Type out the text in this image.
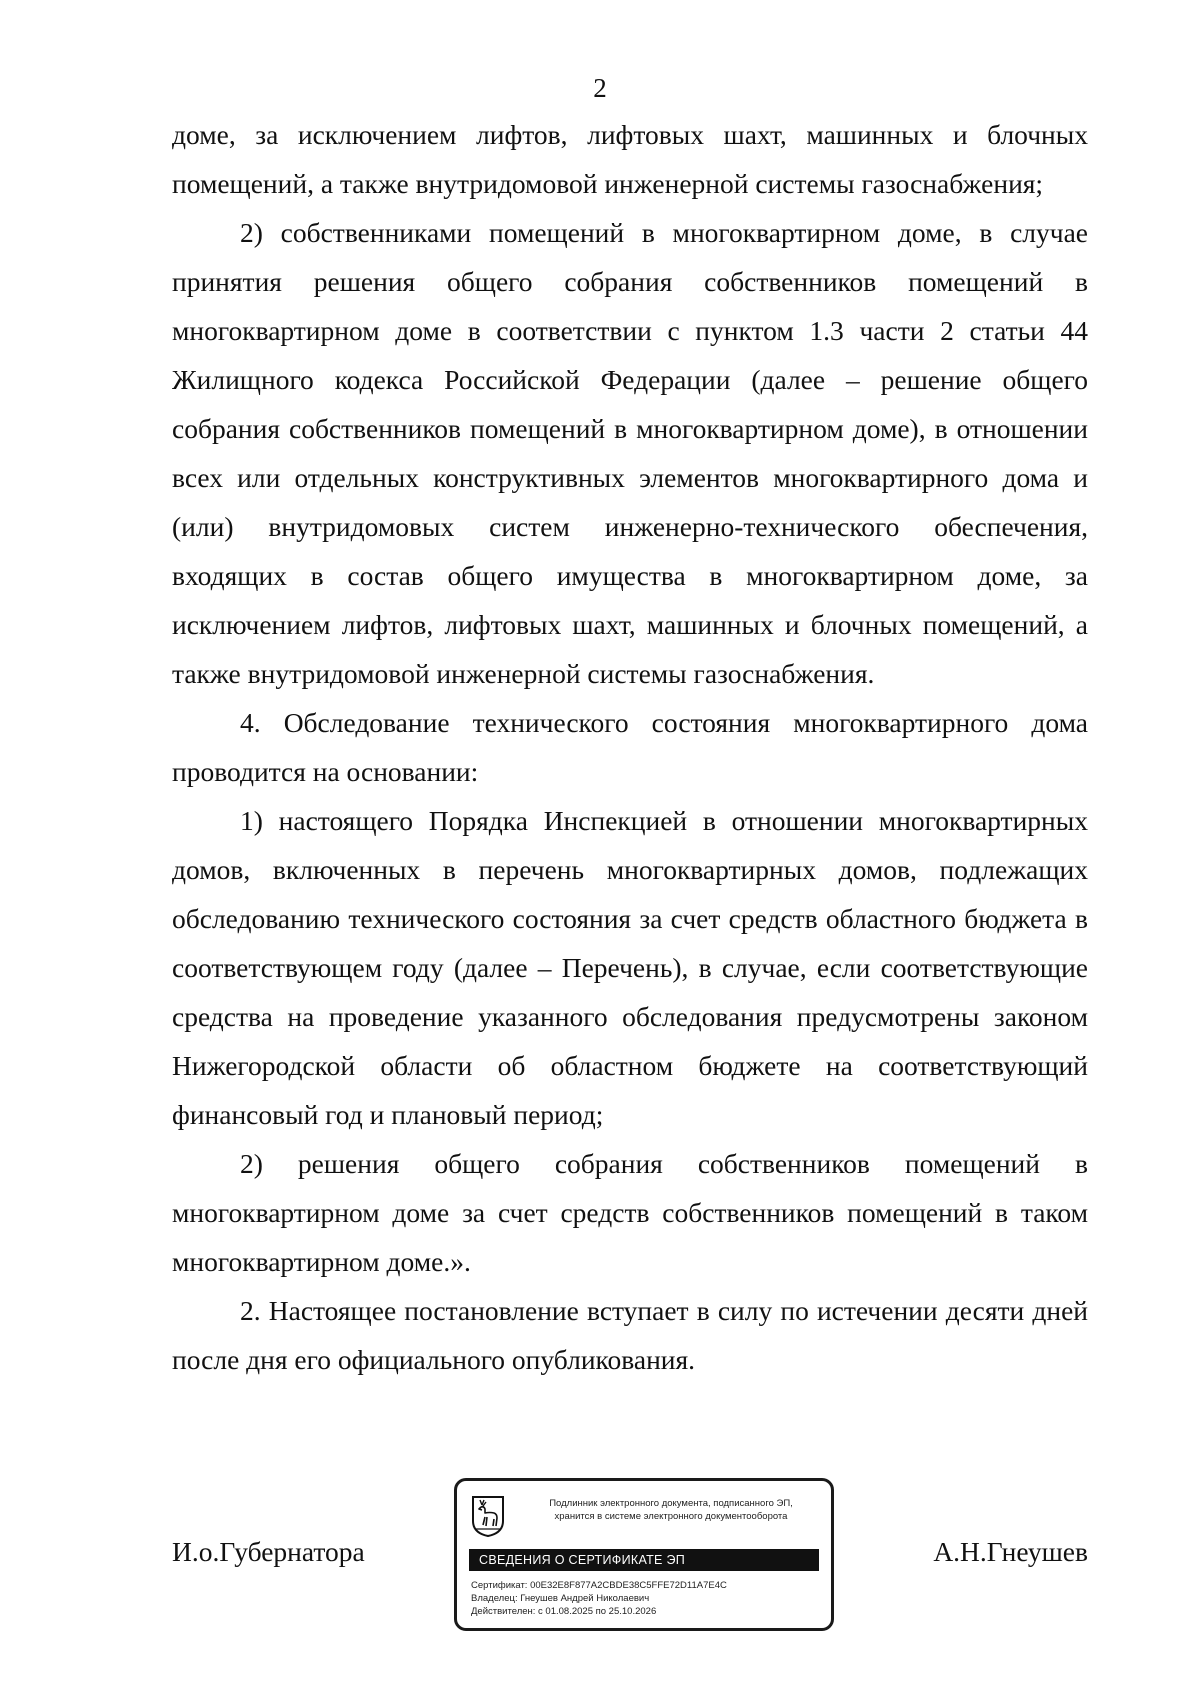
2

доме, за исключением лифтов, лифтовых шахт, машинных и блочных помещений, а также внутридомовой инженерной системы газоснабжения;

2) собственниками помещений в многоквартирном доме, в случае принятия решения общего собрания собственников помещений в многоквартирном доме в соответствии с пунктом 1.3 части 2 статьи 44 Жилищного кодекса Российской Федерации (далее – решение общего собрания собственников помещений в многоквартирном доме), в отношении всех или отдельных конструктивных элементов многоквартирного дома и (или) внутридомовых систем инженерно-технического обеспечения, входящих в состав общего имущества в многоквартирном доме, за исключением лифтов, лифтовых шахт, машинных и блочных помещений, а также внутридомовой инженерной системы газоснабжения.

4. Обследование технического состояния многоквартирного дома проводится на основании:

1) настоящего Порядка Инспекцией в отношении многоквартирных домов, включенных в перечень многоквартирных домов, подлежащих обследованию технического состояния за счет средств областного бюджета в соответствующем году (далее – Перечень), в случае, если соответствующие средства на проведение указанного обследования предусмотрены законом Нижегородской области об областном бюджете на соответствующий финансовый год и плановый период;

2) решения общего собрания собственников помещений в многоквартирном доме за счет средств собственников помещений в таком многоквартирном доме.».

2. Настоящее постановление вступает в силу по истечении десяти дней после дня его официального опубликования.

И.о.Губернатора
Подлинник электронного документа, подписанного ЭП,
хранится в системе электронного документооборота
СВЕДЕНИЯ О СЕРТИФИКАТЕ ЭП
Сертификат: 00E32E8F877A2CBDE38C5FFE72D11A7E4C
Владелец: Гнеушев Андрей Николаевич
Действителен: с 01.08.2025 по 25.10.2026
А.Н.Гнеушев
